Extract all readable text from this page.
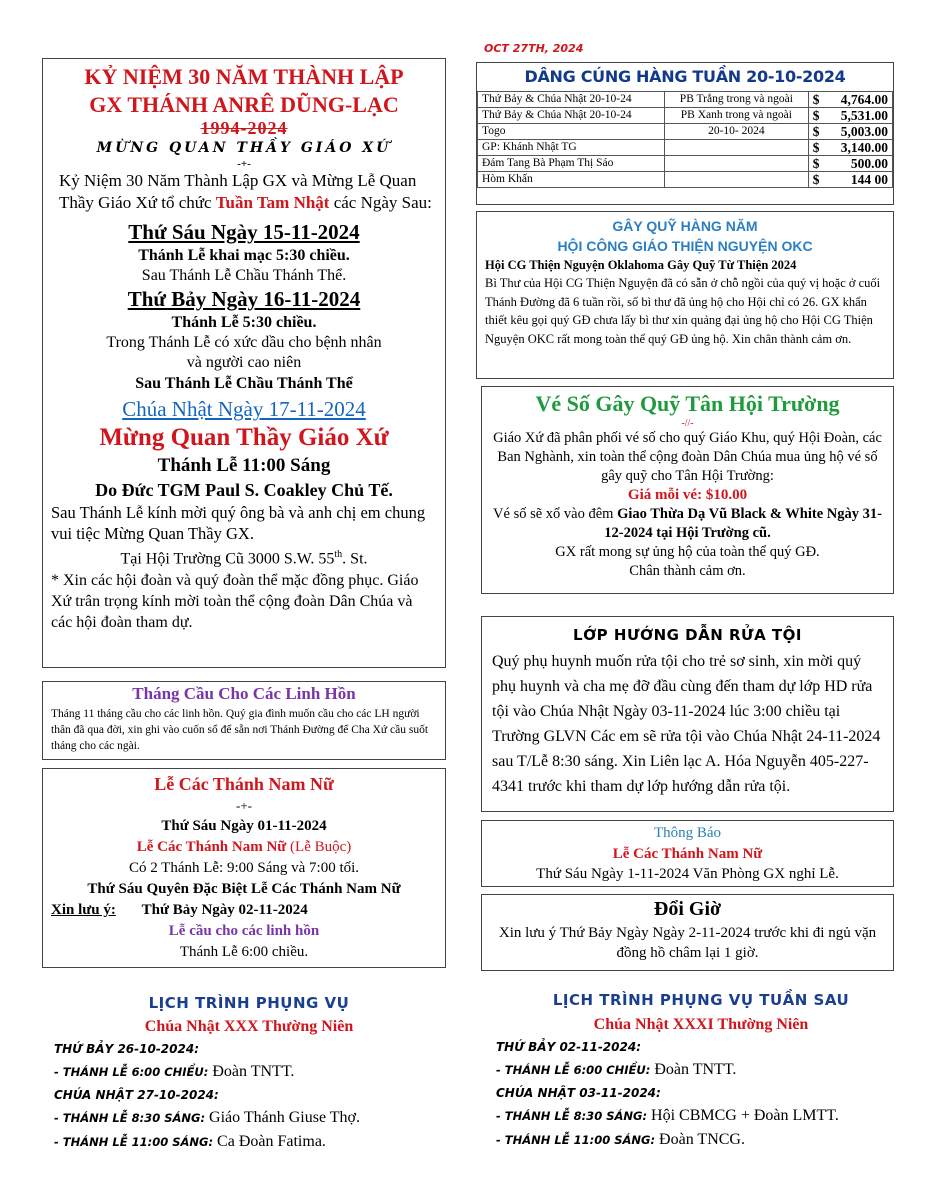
OCT 27TH, 2024
KỶ NIỆM 30 NĂM THÀNH LẬP
GX THÁNH ANRÊ DŨNG-LẠC
1994-2024
MỪNG QUAN THẦY GIÁO XỨ
-+-

Kỷ Niệm 30 Năm Thành Lập GX và Mừng Lễ Quan Thầy Giáo Xứ tổ chức Tuần Tam Nhật các Ngày Sau:

Thứ Sáu Ngày 15-11-2024
Thánh Lễ khai mạc 5:30 chiều.
Sau Thánh Lễ Chầu Thánh Thể.
Thứ Bảy Ngày 16-11-2024
Thánh Lễ 5:30 chiều.
Trong Thánh Lễ có xức dầu cho bệnh nhân
và người cao niên
Sau Thánh Lễ Chầu Thánh Thể
Chúa Nhật Ngày 17-11-2024
Mừng Quan Thầy Giáo Xứ
Thánh Lễ 11:00 Sáng
Do Đức TGM Paul S. Coakley Chủ Tế.

Sau Thánh Lễ kính mời quý ông bà và anh chị em chung vui tiệc Mừng Quan Thầy GX.

Tại Hội Trường Cũ 3000 S.W. 55th. St.

* Xin các hội đoàn và quý đoàn thể mặc đồng phục. Giáo Xứ trân trọng kính mời toàn thể cộng đoàn Dân Chúa và các hội đoàn tham dự.

DÂNG CÚNG HÀNG TUẦN 20-10-2024
Thứ Bảy & Chúa Nhật 20-10-24	PB Trắng trong và ngoài	$	4,764.00
Thứ Bảy & Chúa Nhật 20-10-24	PB Xanh trong và ngoài	$	5,531.00
Togo	20-10- 2024	$	5,003.00
GP: Khánh Nhật TG		$	3,140.00
Đám Tang Bà Phạm Thị Sáo		$	500.00
Hòm Khấn		$	144 00
GÂY QUỸ HÀNG NĂM
HỘI CÔNG GIÁO THIỆN NGUYỆN OKC
Hội CG Thiện Nguyện Oklahoma Gây Quỹ Từ Thiện 2024

Bì Thư của Hội CG Thiện Nguyện đã có sẵn ở chỗ ngồi của quý vị hoặc ở cuối Thánh Đường đã 6 tuần rồi, số bì thư đã ủng hộ cho Hội chỉ có 26. GX khẩn thiết kêu gọi quý GĐ chưa lấy bì thư xin quảng đại ủng hộ cho Hội CG Thiện Nguyện OKC rất mong toàn thể quý GĐ ủng hộ. Xin chân thành cảm ơn.

Vé Số Gây Quỹ Tân Hội Trường
-//-

Giáo Xứ đã phân phối vé số cho quý Giáo Khu, quý Hội Đoàn, các Ban Nghành, xin toàn thể cộng đoàn Dân Chúa mua ủng hộ vé số gây quỹ cho Tân Hội Trường:

Giá mỗi vé: $10.00

Vé số sẽ xổ vào đêm Giao Thừa Dạ Vũ Black & White Ngày 31-12-2024 tại Hội Trường cũ.

GX rất mong sự ủng hộ của toàn thể quý GĐ.
Chân thành cảm ơn.
LỚP HƯỚNG DẪN RỬA TỘI

Quý phụ huynh muốn rửa tội cho trẻ sơ sinh, xin mời quý phụ huynh và cha mẹ đỡ đầu cùng đến tham dự lớp HD rửa tội vào Chúa Nhật Ngày 03-11-2024 lúc 3:00 chiều tại Trường GLVN Các em sẽ rửa tội vào Chúa Nhật 24-11-2024 sau T/Lễ 8:30 sáng. Xin Liên lạc A. Hóa Nguyễn 405-227-4341 trước khi tham dự lớp hướng dẫn rửa tội.

Tháng Cầu Cho Các Linh Hồn

Tháng 11 tháng cầu cho các linh hồn. Quý gia đình muốn cầu cho các LH người thân đã qua đời, xin ghi vào cuốn sổ để sẵn nơi Thánh Đường để Cha Xứ cầu suốt tháng cho các ngài.

Lễ Các Thánh Nam Nữ
-+-
Thứ Sáu Ngày 01-11-2024
Lễ Các Thánh Nam Nữ (Lễ Buộc)
Có 2 Thánh Lễ: 9:00 Sáng và 7:00 tối.
Thứ Sáu Quyên Đặc Biệt Lễ Các Thánh Nam Nữ
Xin lưu ý: Thứ Bảy Ngày 02-11-2024
Lễ cầu cho các linh hồn
Thánh Lễ 6:00 chiều.
Thông Báo
Lễ Các Thánh Nam Nữ
Thứ Sáu Ngày 1-11-2024 Văn Phòng GX nghỉ Lễ.
Đổi Giờ

Xin lưu ý Thứ Bảy Ngày Ngày 2-11-2024 trước khi đi ngủ vặn đồng hồ châm lại 1 giờ.

LỊCH TRÌNH PHỤNG VỤ
Chúa Nhật XXX Thường Niên
THỨ BẢY 26-10-2024:
- THÁNH LỄ 6:00 CHIỀU: Đoàn TNTT.
CHÚA NHẬT 27-10-2024:
- THÁNH LỄ 8:30 SÁNG: Giáo Thánh Giuse Thợ.
- THÁNH LỄ 11:00 SÁNG: Ca Đoàn Fatima.
LỊCH TRÌNH PHỤNG VỤ TUẦN SAU
Chúa Nhật XXXI Thường Niên
THỨ BẢY 02-11-2024:
- THÁNH LỄ 6:00 CHIỀU: Đoàn TNTT.
CHÚA NHẬT 03-11-2024:
- THÁNH LỄ 8:30 SÁNG: Hội CBMCG + Đoàn LMTT.
- THÁNH LỄ 11:00 SÁNG: Đoàn TNCG.
